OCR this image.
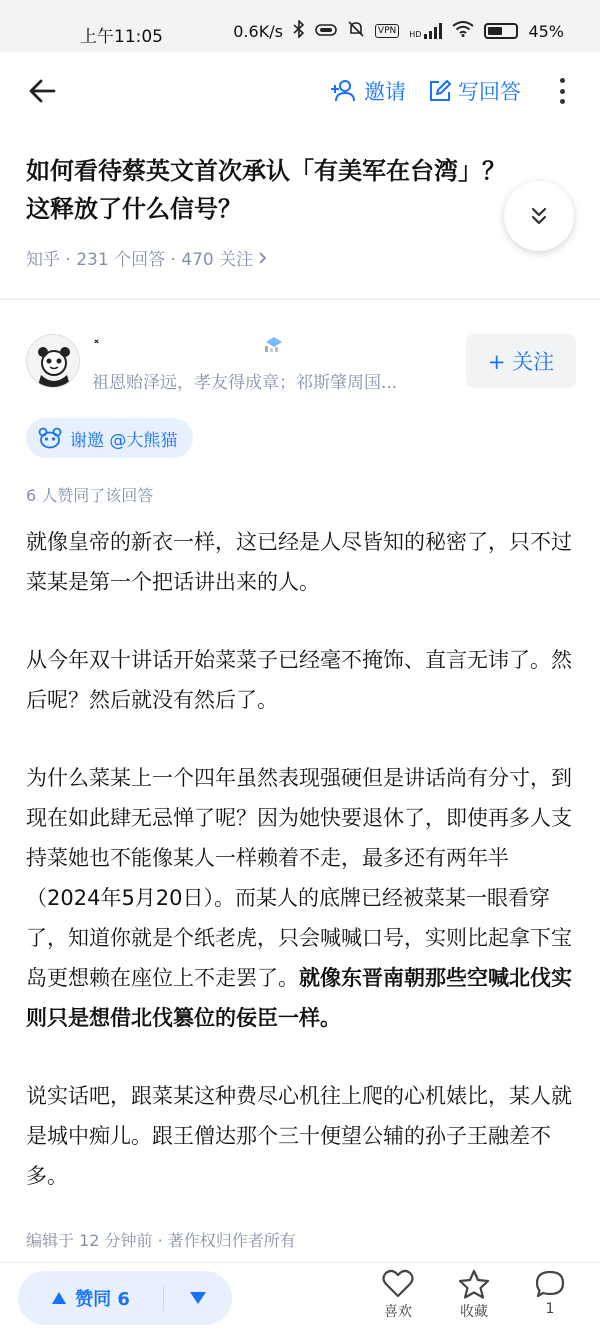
上午11:05	0.6K/s	VPN	HD	45%
邀请 写回答
如何看待蔡英文首次承认「有美军在台湾」？这释放了什么信号？
知乎 · 231 个回答 · 470 关注
˟
祖恩贻泽远，孝友得成章；祁斯肇周国...
+ 关注
谢邀 @大熊猫
6 人赞同了该回答

就像皇帝的新衣一样，这已经是人尽皆知的秘密了，只不过菜某是第一个把话讲出来的人。

从今年双十讲话开始菜菜子已经毫不掩饰、直言无讳了。然后呢？然后就没有然后了。

为什么菜某上一个四年虽然表现强硬但是讲话尚有分寸，到现在如此肆无忌惮了呢？因为她快要退休了，即使再多人支持菜她也不能像某人一样赖着不走，最多还有两年半（2024年5月20日）。而某人的底牌已经被菜某一眼看穿了，知道你就是个纸老虎，只会喊喊口号，实则比起拿下宝岛更想赖在座位上不走罢了。就像东晋南朝那些空喊北伐实则只是想借北伐篡位的佞臣一样。

说实话吧，跟菜某这种费尽心机往上爬的心机婊比，某人就是城中痴儿。跟王僧达那个三十便望公辅的孙子王融差不多。

编辑于 12 分钟前 · 著作权归作者所有
赞同 6
喜欢	收藏	1
